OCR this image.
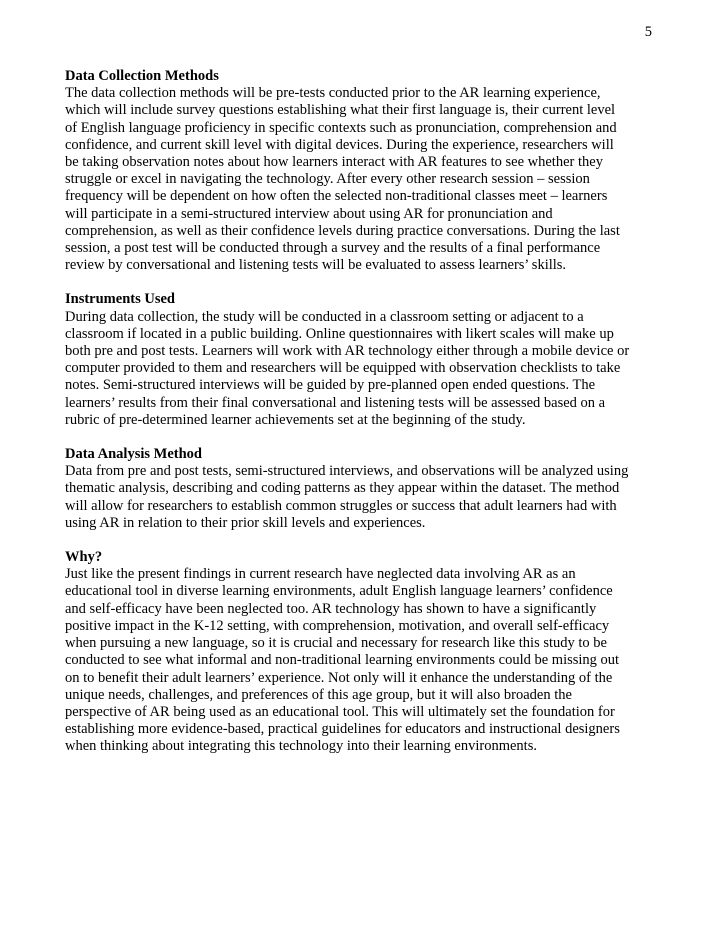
5

Data Collection Methods

The data collection methods will be pre-tests conducted prior to the AR learning experience,
which will include survey questions establishing what their first language is, their current level
of English language proficiency in specific contexts such as pronunciation, comprehension and
confidence, and current skill level with digital devices. During the experience, researchers will
be taking observation notes about how learners interact with AR features to see whether they
struggle or excel in navigating the technology. After every other research session – session
frequency will be dependent on how often the selected non-traditional classes meet – learners
will participate in a semi-structured interview about using AR for pronunciation and
comprehension, as well as their confidence levels during practice conversations. During the last
session, a post test will be conducted through a survey and the results of a final performance
review by conversational and listening tests will be evaluated to assess learners’ skills.

Instruments Used

During data collection, the study will be conducted in a classroom setting or adjacent to a
classroom if located in a public building. Online questionnaires with likert scales will make up
both pre and post tests. Learners will work with AR technology either through a mobile device or
computer provided to them and researchers will be equipped with observation checklists to take
notes. Semi-structured interviews will be guided by pre-planned open ended questions. The
learners’ results from their final conversational and listening tests will be assessed based on a
rubric of pre-determined learner achievements set at the beginning of the study.

Data Analysis Method

Data from pre and post tests, semi-structured interviews, and observations will be analyzed using
thematic analysis, describing and coding patterns as they appear within the dataset. The method
will allow for researchers to establish common struggles or success that adult learners had with
using AR in relation to their prior skill levels and experiences.

Why?

Just like the present findings in current research have neglected data involving AR as an
educational tool in diverse learning environments, adult English language learners’ confidence
and self-efficacy have been neglected too. AR technology has shown to have a significantly
positive impact in the K-12 setting, with comprehension, motivation, and overall self-efficacy
when pursuing a new language, so it is crucial and necessary for research like this study to be
conducted to see what informal and non-traditional learning environments could be missing out
on to benefit their adult learners’ experience. Not only will it enhance the understanding of the
unique needs, challenges, and preferences of this age group, but it will also broaden the
perspective of AR being used as an educational tool. This will ultimately set the foundation for
establishing more evidence-based, practical guidelines for educators and instructional designers
when thinking about integrating this technology into their learning environments.
